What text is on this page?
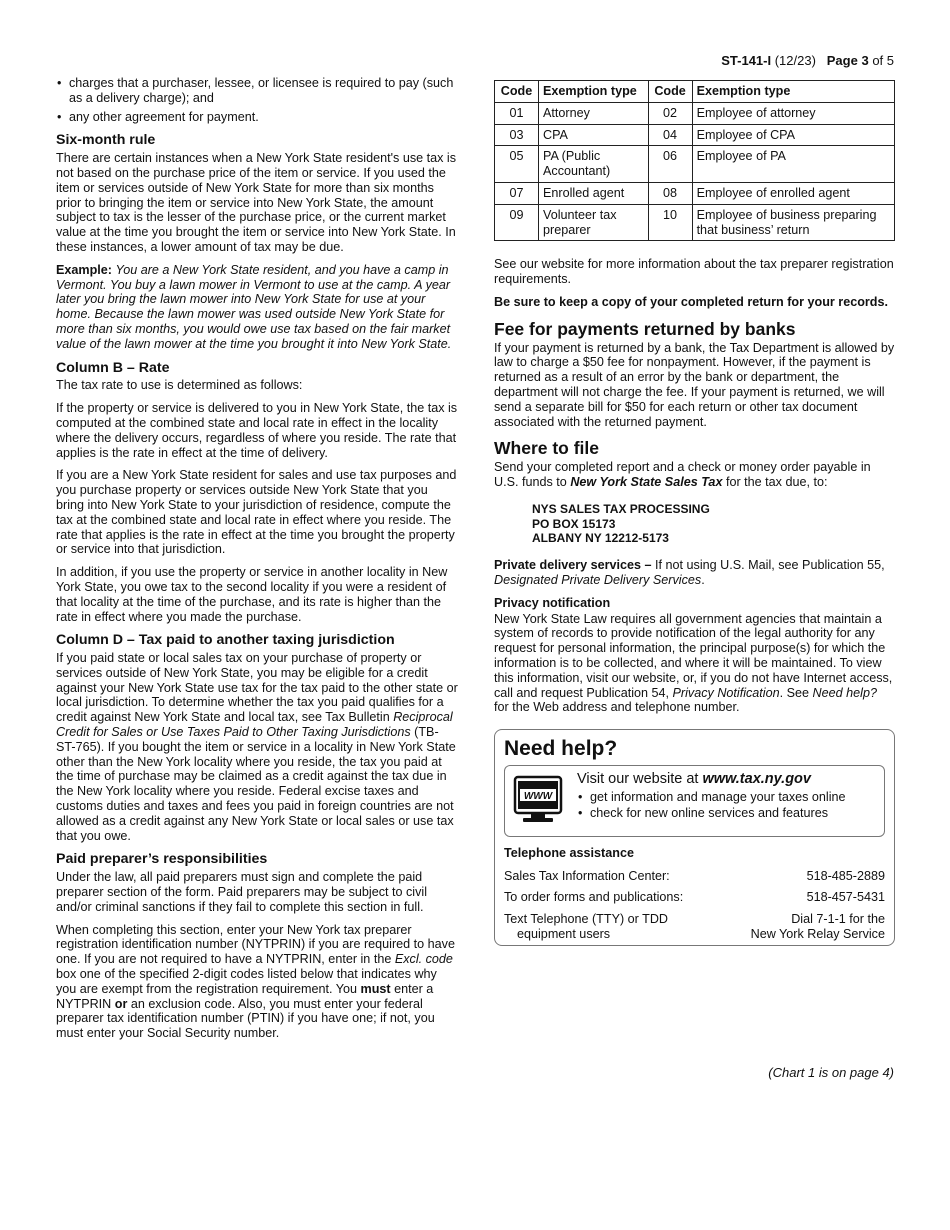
ST-141-I (12/23) Page 3 of 5
• charges that a purchaser, lessee, or licensee is required to pay (such as a delivery charge); and
• any other agreement for payment.
Six-month rule

There are certain instances when a New York State resident's use tax is not based on the purchase price of the item or service. If you used the item or services outside of New York State for more than six months prior to bringing the item or service into New York State, the amount subject to tax is the lesser of the purchase price, or the current market value at the time you brought the item or service into New York State. In these instances, a lower amount of tax may be due.

Example: You are a New York State resident, and you have a camp in Vermont. You buy a lawn mower in Vermont to use at the camp. A year later you bring the lawn mower into New York State for use at your home. Because the lawn mower was used outside New York State for more than six months, you would owe use tax based on the fair market value of the lawn mower at the time you brought it into New York State.

Column B – Rate

The tax rate to use is determined as follows:

If the property or service is delivered to you in New York State, the tax is computed at the combined state and local rate in effect in the locality where the delivery occurs, regardless of where you reside. The rate that applies is the rate in effect at the time of delivery.

If you are a New York State resident for sales and use tax purposes and you purchase property or services outside New York State that you bring into New York State to your jurisdiction of residence, compute the tax at the combined state and local rate in effect where you reside. The rate that applies is the rate in effect at the time you brought the property or service into that jurisdiction.

In addition, if you use the property or service in another locality in New York State, you owe tax to the second locality if you were a resident of that locality at the time of the purchase, and its rate is higher than the rate in effect where you made the purchase.

Column D – Tax paid to another taxing jurisdiction

If you paid state or local sales tax on your purchase of property or services outside of New York State, you may be eligible for a credit against your New York State use tax for the tax paid to the other state or local jurisdiction. To determine whether the tax you paid qualifies for a credit against New York State and local tax, see Tax Bulletin Reciprocal Credit for Sales or Use Taxes Paid to Other Taxing Jurisdictions (TB-ST-765). If you bought the item or service in a locality in New York State other than the New York locality where you reside, the tax you paid at the time of purchase may be claimed as a credit against the tax due in the New York locality where you reside. Federal excise taxes and customs duties and taxes and fees you paid in foreign countries are not allowed as a credit against any New York State or local sales or use tax that you owe.

Paid preparer’s responsibilities

Under the law, all paid preparers must sign and complete the paid preparer section of the form. Paid preparers may be subject to civil and/or criminal sanctions if they fail to complete this section in full.

When completing this section, enter your New York tax preparer registration identification number (NYTPRIN) if you are required to have one. If you are not required to have a NYTPRIN, enter in the Excl. code box one of the specified 2-digit codes listed below that indicates why you are exempt from the registration requirement. You must enter a NYTPRIN or an exclusion code. Also, you must enter your federal preparer tax identification number (PTIN) if you have one; if not, you must enter your Social Security number.

Code	Exemption type	Code	Exemption type
01	Attorney	02	Employee of attorney
03	CPA	04	Employee of CPA
05	PA (Public Accountant)	06	Employee of PA
07	Enrolled agent	08	Employee of enrolled agent
09	Volunteer tax preparer	10	Employee of business preparing that business’ return

See our website for more information about the tax preparer registration requirements.

Be sure to keep a copy of your completed return for your records.

Fee for payments returned by banks

If your payment is returned by a bank, the Tax Department is allowed by law to charge a $50 fee for nonpayment. However, if the payment is returned as a result of an error by the bank or department, the department will not charge the fee. If your payment is returned, we will send a separate bill for $50 for each return or other tax document associated with the returned payment.

Where to file

Send your completed report and a check or money order payable in U.S. funds to New York State Sales Tax for the tax due, to:

NYS SALES TAX PROCESSING
PO BOX 15173
ALBANY NY 12212-5173

Private delivery services – If not using U.S. Mail, see Publication 55, Designated Private Delivery Services.

Privacy notification

New York State Law requires all government agencies that maintain a system of records to provide notification of the legal authority for any request for personal information, the principal purpose(s) for which the information is to be collected, and where it will be maintained. To view this information, visit our website, or, if you do not have Internet access, call and request Publication 54, Privacy Notification. See Need help? for the Web address and telephone number.

Need help?
WWW
Visit our website at www.tax.ny.gov
• get information and manage your taxes online
• check for new online services and features
Telephone assistance
Sales Tax Information Center:	518-485-2889
To order forms and publications:	518-457-5431
Text Telephone (TTY) or TDD
equipment users
Dial 7-1-1 for the
New York Relay Service
(Chart 1 is on page 4)
